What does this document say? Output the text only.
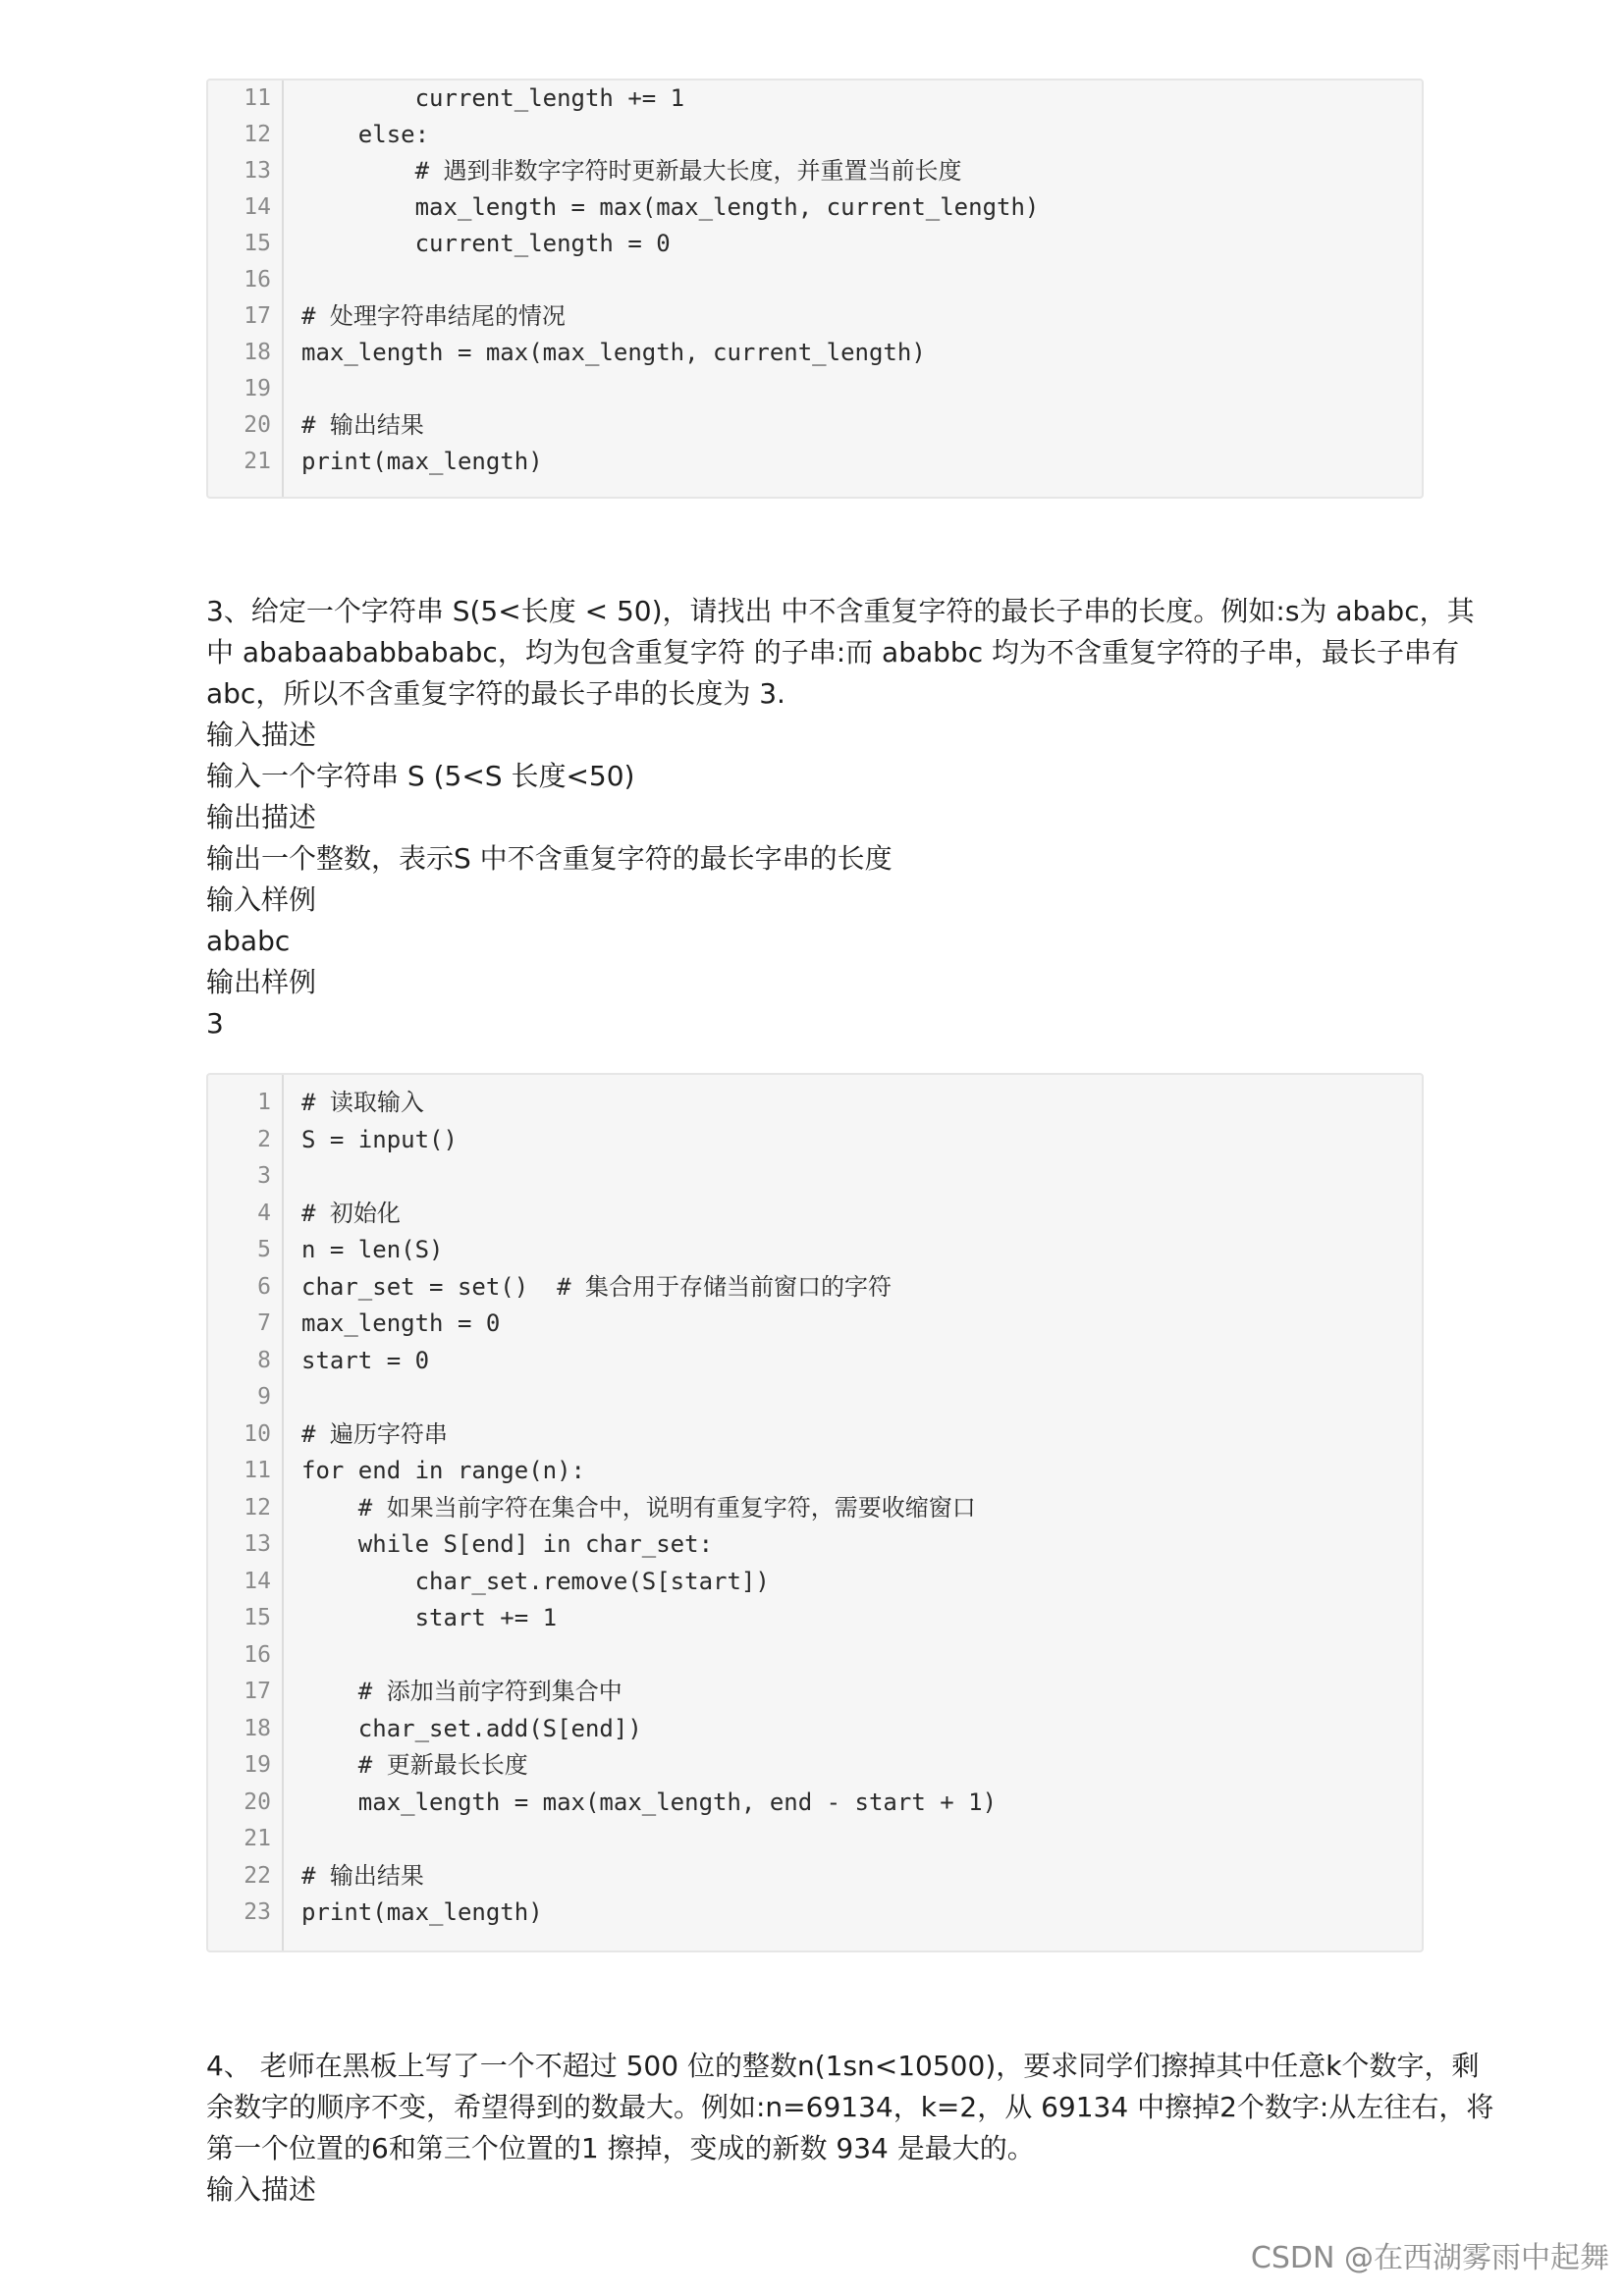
11 current_length += 1
12 else:
13 # 遇到非数字字符时更新最大长度，并重置当前长度
14 max_length = max(max_length, current_length)
15 current_length = 0
16
17 # 处理字符串结尾的情况
18 max_length = max(max_length, current_length)
19
20 # 输出结果
21 print(max_length)

3、给定一个字符串 S(5<长度 < 50)，请找出 中不含重复字符的最长子串的长度。例如:s为 ababc，其

中 ababaababbababc，均为包含重复字符 的子串:而 ababbc 均为不含重复字符的子串，最长子串有

abc，所以不含重复字符的最长子串的长度为 3.

输入描述

输入一个字符串 S (5<S 长度<50)

输出描述

输出一个整数，表示S 中不含重复字符的最长字串的长度

输入样例

ababc

输出样例

3

1 # 读取输入
2 S = input()
3
4 # 初始化
5 n = len(S)
6 char_set = set()  # 集合用于存储当前窗口的字符
7 max_length = 0
8 start = 0
9
10 # 遍历字符串
11 for end in range(n):
12 # 如果当前字符在集合中，说明有重复字符，需要收缩窗口
13 while S[end] in char_set:
14 char_set.remove(S[start])
15 start += 1
16
17 # 添加当前字符到集合中
18 char_set.add(S[end])
19 # 更新最长长度
20 max_length = max(max_length, end - start + 1)
21
22 # 输出结果
23 print(max_length)

4、 老师在黑板上写了一个不超过 500 位的整数n(1sn<10500)，要求同学们擦掉其中任意k个数字，剩

余数字的顺序不变，希望得到的数最大。例如:n=69134，k=2，从 69134 中擦掉2个数字:从左往右，将

第一个位置的6和第三个位置的1 擦掉，变成的新数 934 是最大的。

输入描述

CSDN @在西湖雾雨中起舞
